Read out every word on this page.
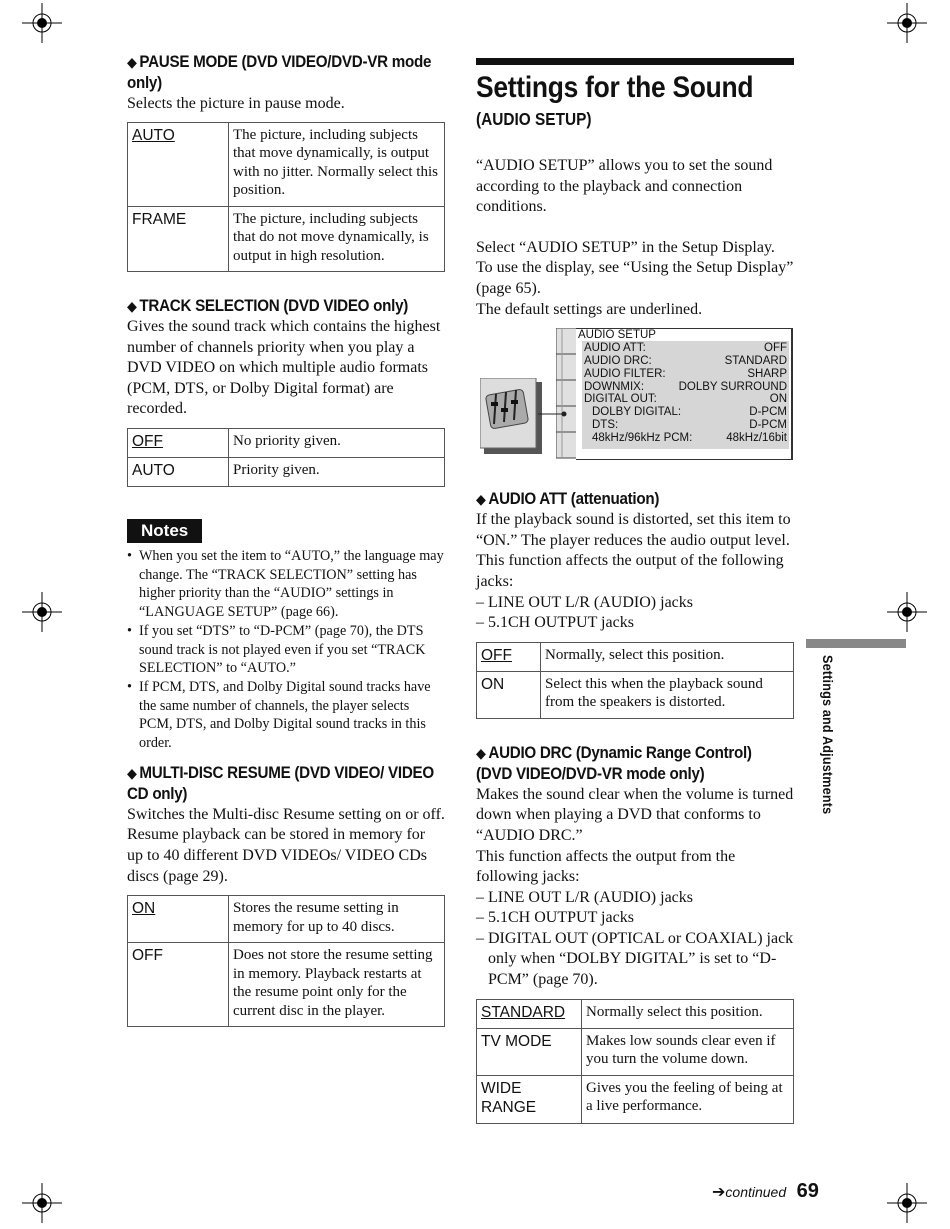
◆ PAUSE MODE (DVD VIDEO/DVD-VR mode only)

Selects the picture in pause mode.

AUTO	The picture, including subjects that move dynamically, is output with no jitter. Normally select this position.
FRAME	The picture, including subjects that do not move dynamically, is output in high resolution.
◆ TRACK SELECTION (DVD VIDEO only)

Gives the sound track which contains the highest number of channels priority when you play a DVD VIDEO on which multiple audio formats (PCM, DTS, or Dolby Digital format) are recorded.

OFF	No priority given.
AUTO	Priority given.
Notes
• When you set the item to “AUTO,” the language may change. The “TRACK SELECTION” setting has higher priority than the “AUDIO” settings in “LANGUAGE SETUP” (page 66).
• If you set “DTS” to “D-PCM” (page 70), the DTS sound track is not played even if you set “TRACK SELECTION” to “AUTO.”
• If PCM, DTS, and Dolby Digital sound tracks have the same number of channels, the player selects PCM, DTS, and Dolby Digital sound tracks in this order.
◆ MULTI-DISC RESUME (DVD VIDEO/ VIDEO CD only)

Switches the Multi-disc Resume setting on or off. Resume playback can be stored in memory for up to 40 different DVD VIDEOs/ VIDEO CDs discs (page 29).

ON	Stores the resume setting in memory for up to 40 discs.
OFF	Does not store the resume setting in memory. Playback restarts at the resume point only for the current disc in the player.
Settings for the Sound
(AUDIO SETUP)

“AUDIO SETUP” allows you to set the sound according to the playback and connection conditions.

Select “AUDIO SETUP” in the Setup Display. To use the display, see “Using the Setup Display” (page 65).

The default settings are underlined.

AUDIO SETUP
AUDIO ATT:	OFF
AUDIO DRC:	STANDARD
AUDIO FILTER:	SHARP
DOWNMIX:	DOLBY SURROUND
DIGITAL OUT:	ON
DOLBY DIGITAL:	D-PCM
DTS:	D-PCM
48kHz/96kHz PCM:	48kHz/16bit
◆ AUDIO ATT (attenuation)

If the playback sound is distorted, set this item to “ON.” The player reduces the audio output level.

This function affects the output of the following jacks:

– LINE OUT L/R (AUDIO) jacks

– 5.1CH OUTPUT jacks

OFF	Normally, select this position.
ON	Select this when the playback sound from the speakers is distorted.
◆ AUDIO DRC (Dynamic Range Control) (DVD VIDEO/DVD-VR mode only)

Makes the sound clear when the volume is turned down when playing a DVD that conforms to “AUDIO DRC.”

This function affects the output from the following jacks:

– LINE OUT L/R (AUDIO) jacks

– 5.1CH OUTPUT jacks

– DIGITAL OUT (OPTICAL or COAXIAL) jack only when “DOLBY DIGITAL” is set to “D-PCM” (page 70).

STANDARD	Normally select this position.
TV MODE	Makes low sounds clear even if you turn the volume down.
WIDE RANGE	Gives you the feeling of being at a live performance.
Settings and Adjustments
➔continued 69
